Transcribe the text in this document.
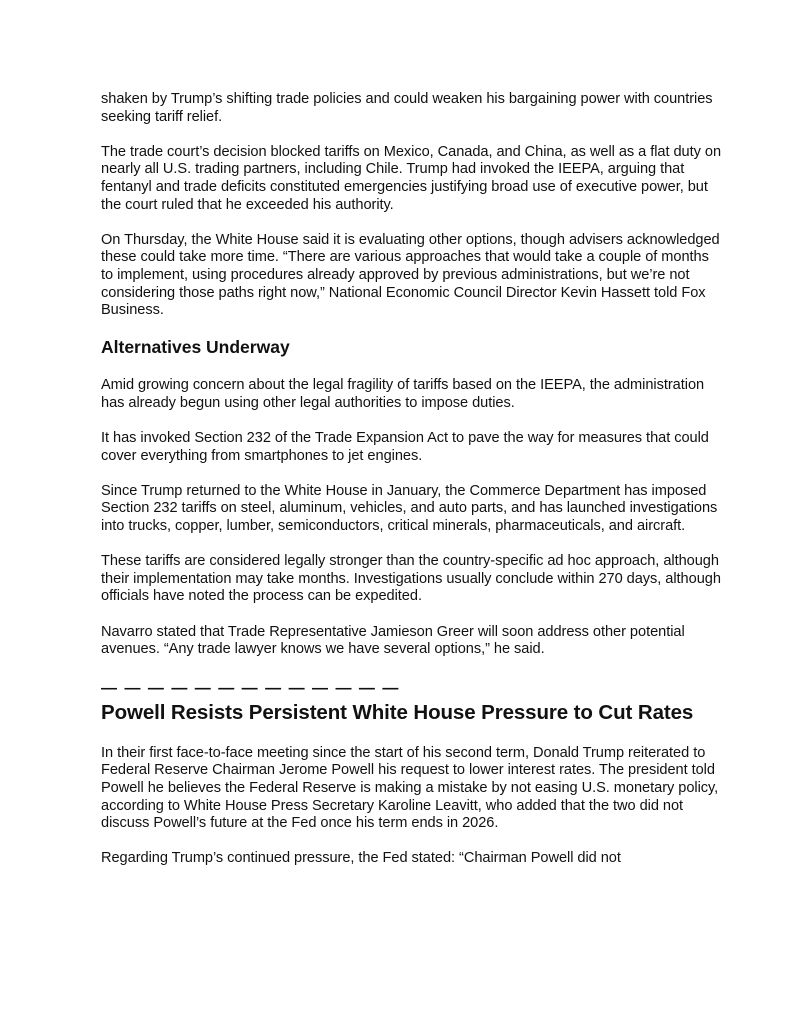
shaken by Trump’s shifting trade policies and could weaken his bargaining power with countries seeking tariff relief.

The trade court’s decision blocked tariffs on Mexico, Canada, and China, as well as a flat duty on nearly all U.S. trading partners, including Chile. Trump had invoked the IEEPA, arguing that fentanyl and trade deficits constituted emergencies justifying broad use of executive power, but the court ruled that he exceeded his authority.

On Thursday, the White House said it is evaluating other options, though advisers acknowledged these could take more time. “There are various approaches that would take a couple of months to implement, using procedures already approved by previous administrations, but we’re not considering those paths right now,” National Economic Council Director Kevin Hassett told Fox Business.

Alternatives Underway

Amid growing concern about the legal fragility of tariffs based on the IEEPA, the administration has already begun using other legal authorities to impose duties.

It has invoked Section 232 of the Trade Expansion Act to pave the way for measures that could cover everything from smartphones to jet engines.

Since Trump returned to the White House in January, the Commerce Department has imposed Section 232 tariffs on steel, aluminum, vehicles, and auto parts, and has launched investigations into trucks, copper, lumber, semiconductors, critical minerals, pharmaceuticals, and aircraft.

These tariffs are considered legally stronger than the country-specific ad hoc approach, although their implementation may take months. Investigations usually conclude within 270 days, although officials have noted the process can be expedited.

Navarro stated that Trade Representative Jamieson Greer will soon address other potential avenues. “Any trade lawyer knows we have several options,” he said.

— — — — — — — — — — — — —
Powell Resists Persistent White House Pressure to Cut Rates

In their first face-to-face meeting since the start of his second term, Donald Trump reiterated to Federal Reserve Chairman Jerome Powell his request to lower interest rates. The president told Powell he believes the Federal Reserve is making a mistake by not easing U.S. monetary policy, according to White House Press Secretary Karoline Leavitt, who added that the two did not discuss Powell’s future at the Fed once his term ends in 2026.

Regarding Trump’s continued pressure, the Fed stated: “Chairman Powell did not
